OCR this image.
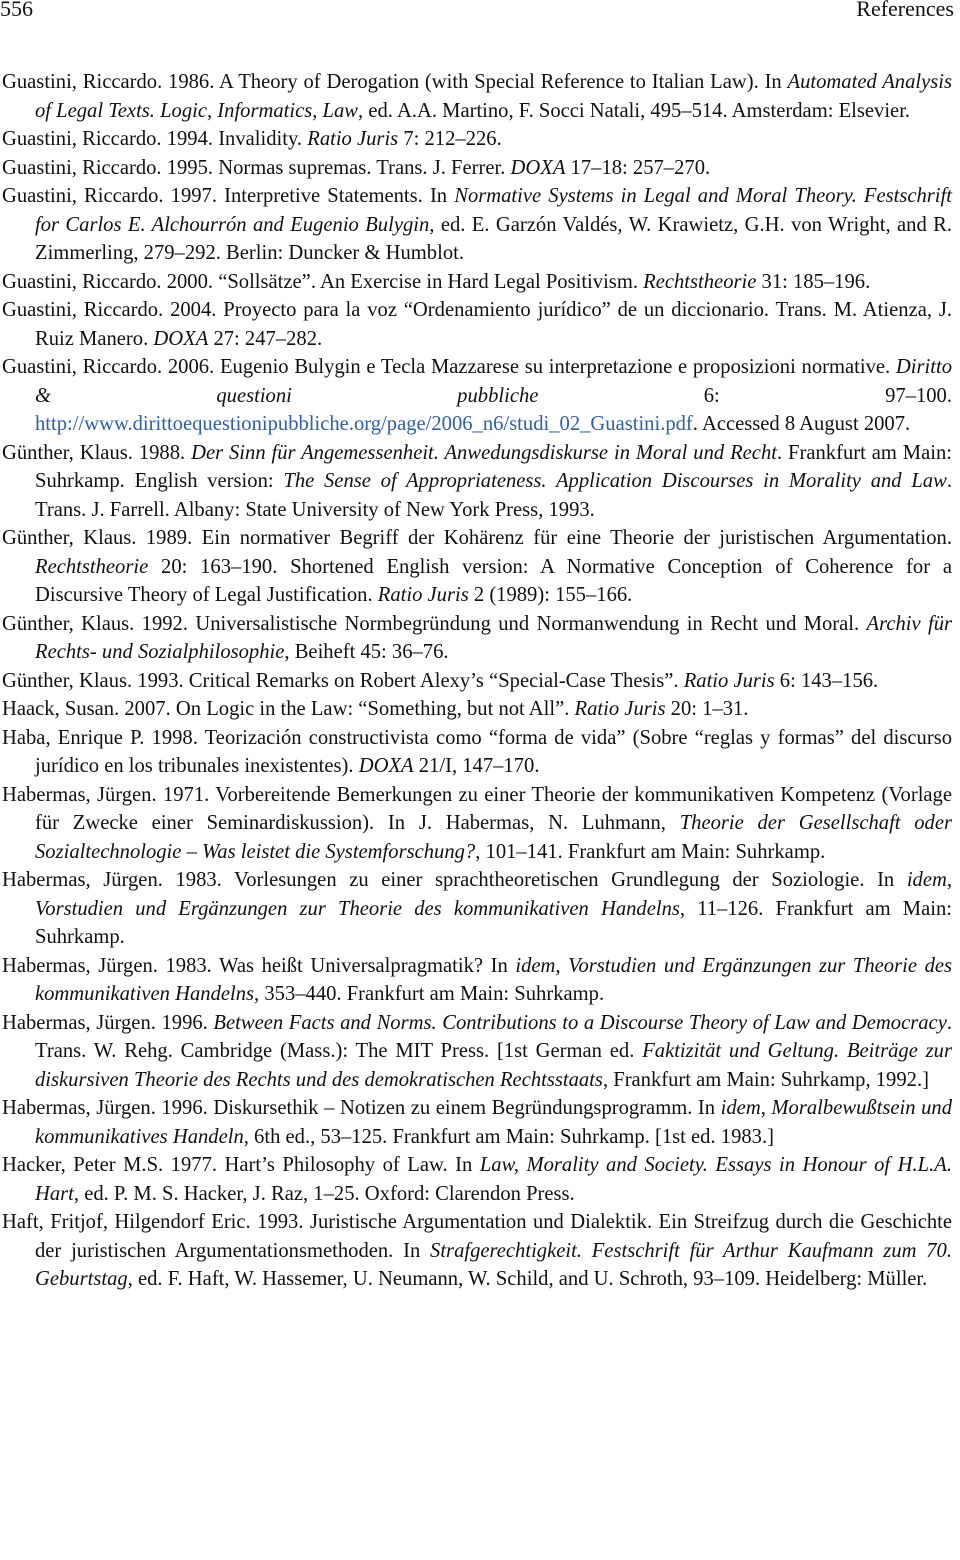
556	References

Guastini, Riccardo. 1986. A Theory of Derogation (with Special Reference to Italian Law). In Automated Analysis of Legal Texts. Logic, Informatics, Law, ed. A.A. Martino, F. Socci Natali, 495–514. Amsterdam: Elsevier.

Guastini, Riccardo. 1994. Invalidity. Ratio Juris 7: 212–226.

Guastini, Riccardo. 1995. Normas supremas. Trans. J. Ferrer. DOXA 17–18: 257–270.

Guastini, Riccardo. 1997. Interpretive Statements. In Normative Systems in Legal and Moral Theory. Festschrift for Carlos E. Alchourrón and Eugenio Bulygin, ed. E. Garzón Valdés, W. Krawietz, G.H. von Wright, and R. Zimmerling, 279–292. Berlin: Duncker & Humblot.

Guastini, Riccardo. 2000. “Sollsätze”. An Exercise in Hard Legal Positivism. Rechtstheorie 31: 185–196.

Guastini, Riccardo. 2004. Proyecto para la voz “Ordenamiento jurídico” de un diccionario. Trans. M. Atienza, J. Ruiz Manero. DOXA 27: 247–282.

Guastini, Riccardo. 2006. Eugenio Bulygin e Tecla Mazzarese su interpretazione e proposizioni normative. Diritto & questioni pubbliche 6: 97–100. http://www.dirittoequestionipubbliche.org/page/2006_n6/studi_02_Guastini.pdf. Accessed 8 August 2007.

Günther, Klaus. 1988. Der Sinn für Angemessenheit. Anwedungsdiskurse in Moral und Recht. Frankfurt am Main: Suhrkamp. English version: The Sense of Appropriateness. Application Discourses in Morality and Law. Trans. J. Farrell. Albany: State University of New York Press, 1993.

Günther, Klaus. 1989. Ein normativer Begriff der Kohärenz für eine Theorie der juristischen Argumentation. Rechtstheorie 20: 163–190. Shortened English version: A Normative Conception of Coherence for a Discursive Theory of Legal Justification. Ratio Juris 2 (1989): 155–166.

Günther, Klaus. 1992. Universalistische Normbegründung und Normanwendung in Recht und Moral. Archiv für Rechts- und Sozialphilosophie, Beiheft 45: 36–76.

Günther, Klaus. 1993. Critical Remarks on Robert Alexy’s “Special-Case Thesis”. Ratio Juris 6: 143–156.

Haack, Susan. 2007. On Logic in the Law: “Something, but not All”. Ratio Juris 20: 1–31.

Haba, Enrique P. 1998. Teorización constructivista como “forma de vida” (Sobre “reglas y formas” del discurso jurídico en los tribunales inexistentes). DOXA 21/I, 147–170.

Habermas, Jürgen. 1971. Vorbereitende Bemerkungen zu einer Theorie der kommunikativen Kompetenz (Vorlage für Zwecke einer Seminardiskussion). In J. Habermas, N. Luhmann, Theorie der Gesellschaft oder Sozialtechnologie – Was leistet die Systemforschung?, 101–141. Frankfurt am Main: Suhrkamp.

Habermas, Jürgen. 1983. Vorlesungen zu einer sprachtheoretischen Grundlegung der Soziologie. In idem, Vorstudien und Ergänzungen zur Theorie des kommunikativen Handelns, 11–126. Frankfurt am Main: Suhrkamp.

Habermas, Jürgen. 1983. Was heißt Universalpragmatik? In idem, Vorstudien und Ergänzungen zur Theorie des kommunikativen Handelns, 353–440. Frankfurt am Main: Suhrkamp.

Habermas, Jürgen. 1996. Between Facts and Norms. Contributions to a Discourse Theory of Law and Democracy. Trans. W. Rehg. Cambridge (Mass.): The MIT Press. [1st German ed. Faktizität und Geltung. Beiträge zur diskursiven Theorie des Rechts und des demokratischen Rechtsstaats, Frankfurt am Main: Suhrkamp, 1992.]

Habermas, Jürgen. 1996. Diskursethik – Notizen zu einem Begründungsprogramm. In idem, Moralbewußtsein und kommunikatives Handeln, 6th ed., 53–125. Frankfurt am Main: Suhrkamp. [1st ed. 1983.]

Hacker, Peter M.S. 1977. Hart’s Philosophy of Law. In Law, Morality and Society. Essays in Honour of H.L.A. Hart, ed. P. M. S. Hacker, J. Raz, 1–25. Oxford: Clarendon Press.

Haft, Fritjof, Hilgendorf Eric. 1993. Juristische Argumentation und Dialektik. Ein Streifzug durch die Geschichte der juristischen Argumentationsmethoden. In Strafgerechtigkeit. Festschrift für Arthur Kaufmann zum 70. Geburtstag, ed. F. Haft, W. Hassemer, U. Neumann, W. Schild, and U. Schroth, 93–109. Heidelberg: Müller.
